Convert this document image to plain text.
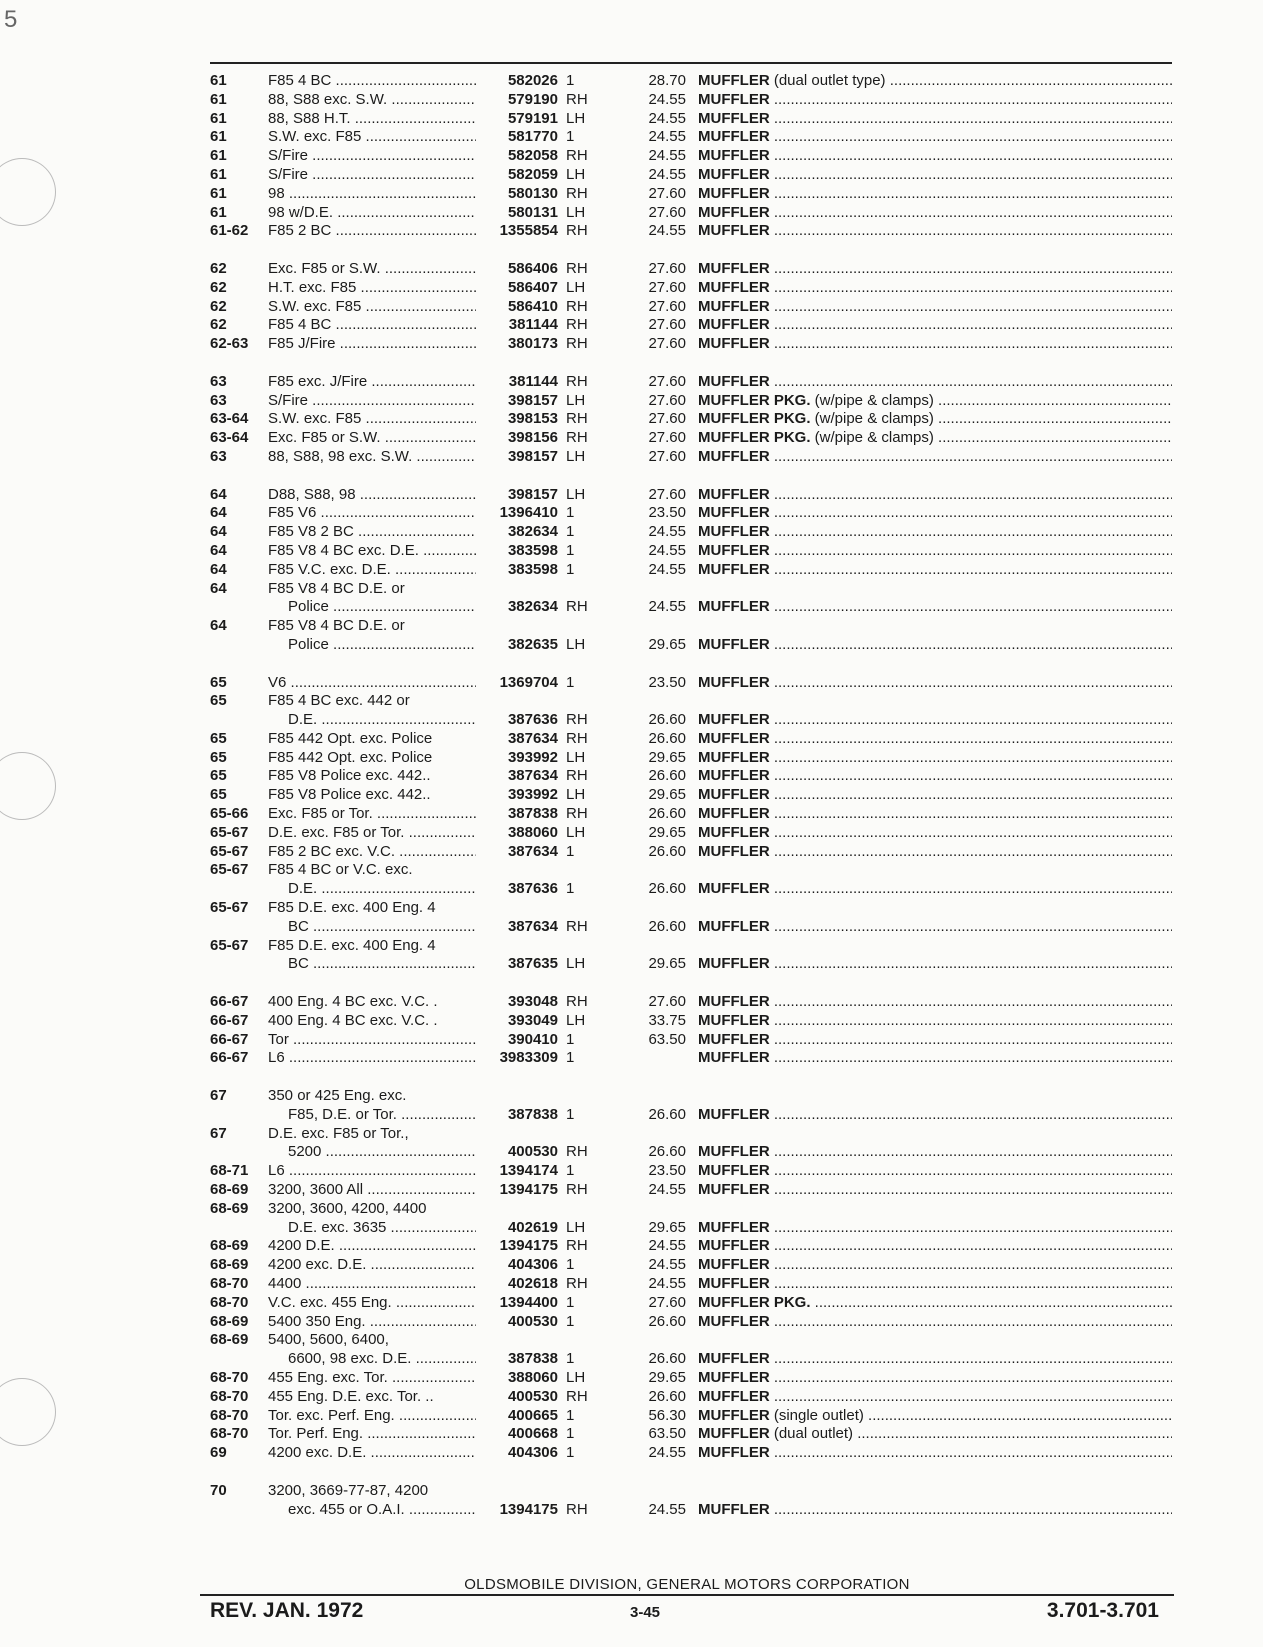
5
61	F85 4 BC .....	582026 1	28.70 MUFFLER (dual outlet type) .....
61	88, S88 exc. S.W. .....	579190 RH	24.55 MUFFLER .....
61	88, S88 H.T. .....	579191 LH	24.55 MUFFLER .....
61	S.W. exc. F85 .....	581770 1	24.55 MUFFLER .....
61	S/Fire .....	582058 RH	24.55 MUFFLER .....
61	S/Fire .....	582059 LH	24.55 MUFFLER .....
61	98 .....	580130 RH	27.60 MUFFLER .....
61	98 w/D.E. .....	580131 LH	27.60 MUFFLER .....
61-62	F85 2 BC .....	1355854 RH	24.55 MUFFLER .....
62	Exc. F85 or S.W. .....	586406 RH	27.60 MUFFLER .....
62	H.T. exc. F85 .....	586407 LH	27.60 MUFFLER .....
62	S.W. exc. F85 .....	586410 RH	27.60 MUFFLER .....
62	F85 4 BC .....	381144 RH	27.60 MUFFLER .....
62-63	F85 J/Fire .....	380173 RH	27.60 MUFFLER .....
63	F85 exc. J/Fire .....	381144 RH	27.60 MUFFLER .....
63	S/Fire .....	398157 LH	27.60 MUFFLER PKG. (w/pipe & clamps) .....
63-64	S.W. exc. F85 .....	398153 RH	27.60 MUFFLER PKG. (w/pipe & clamps) .....
63-64	Exc. F85 or S.W. .....	398156 RH	27.60 MUFFLER PKG. (w/pipe & clamps) .....
63	88, S88, 98 exc. S.W. .....	398157 LH	27.60 MUFFLER .....
64	D88, S88, 98 .....	398157 LH	27.60 MUFFLER .....
64	F85 V6 .....	1396410 1	23.50 MUFFLER .....
64	F85 V8 2 BC .....	382634 1	24.55 MUFFLER .....
64	F85 V8 4 BC exc. D.E. .....	383598 1	24.55 MUFFLER .....
64	F85 V.C. exc. D.E. .....	383598 1	24.55 MUFFLER .....
64	F85 V8 4 BC D.E. or
Police .....	382634 RH	24.55 MUFFLER .....
64	F85 V8 4 BC D.E. or
Police .....	382635 LH	29.65 MUFFLER .....
65	V6 .....	1369704 1	23.50 MUFFLER .....
65	F85 4 BC exc. 442 or
D.E. .....	387636 RH	26.60 MUFFLER .....
65	F85 442 Opt. exc. Police	387634 RH	26.60 MUFFLER .....
65	F85 442 Opt. exc. Police	393992 LH	29.65 MUFFLER .....
65	F85 V8 Police exc. 442..	387634 RH	26.60 MUFFLER .....
65	F85 V8 Police exc. 442..	393992 LH	29.65 MUFFLER .....
65-66	Exc. F85 or Tor. .....	387838 RH	26.60 MUFFLER .....
65-67	D.E. exc. F85 or Tor. .....	388060 LH	29.65 MUFFLER .....
65-67	F85 2 BC exc. V.C. .....	387634 1	26.60 MUFFLER .....
65-67	F85 4 BC or V.C. exc.
D.E. .....	387636 1	26.60 MUFFLER .....
65-67	F85 D.E. exc. 400 Eng. 4
BC .....	387634 RH	26.60 MUFFLER .....
65-67	F85 D.E. exc. 400 Eng. 4
BC .....	387635 LH	29.65 MUFFLER .....
66-67	400 Eng. 4 BC exc. V.C. .	393048 RH	27.60 MUFFLER .....
66-67	400 Eng. 4 BC exc. V.C. .	393049 LH	33.75 MUFFLER .....
66-67	Tor .....	390410 1	63.50 MUFFLER .....
66-67	L6 .....	3983309 1	MUFFLER .....
67	350 or 425 Eng. exc.
F85, D.E. or Tor. .....	387838 1	26.60 MUFFLER .....
67	D.E. exc. F85 or Tor.,
5200 .....	400530 RH	26.60 MUFFLER .....
68-71	L6 .....	1394174 1	23.50 MUFFLER .....
68-69	3200, 3600 All .....	1394175 RH	24.55 MUFFLER .....
68-69	3200, 3600, 4200, 4400
D.E. exc. 3635 .....	402619 LH	29.65 MUFFLER .....
68-69	4200 D.E. .....	1394175 RH	24.55 MUFFLER .....
68-69	4200 exc. D.E. .....	404306 1	24.55 MUFFLER .....
68-70	4400 .....	402618 RH	24.55 MUFFLER .....
68-70	V.C. exc. 455 Eng. .....	1394400 1	27.60 MUFFLER PKG. .....
68-69	5400 350 Eng. .....	400530 1	26.60 MUFFLER .....
68-69	5400, 5600, 6400,
6600, 98 exc. D.E. .....	387838 1	26.60 MUFFLER .....
68-70	455 Eng. exc. Tor. .....	388060 LH	29.65 MUFFLER .....
68-70	455 Eng. D.E. exc. Tor. ..	400530 RH	26.60 MUFFLER .....
68-70	Tor. exc. Perf. Eng. .....	400665 1	56.30 MUFFLER (single outlet) .....
68-70	Tor. Perf. Eng. .....	400668 1	63.50 MUFFLER (dual outlet) .....
69	4200 exc. D.E. .....	404306 1	24.55 MUFFLER .....
70	3200, 3669-77-87, 4200
exc. 455 or O.A.I. .....	1394175 RH	24.55 MUFFLER .....
OLDSMOBILE DIVISION, GENERAL MOTORS CORPORATION
REV. JAN. 1972	3-45	3.701-3.701
